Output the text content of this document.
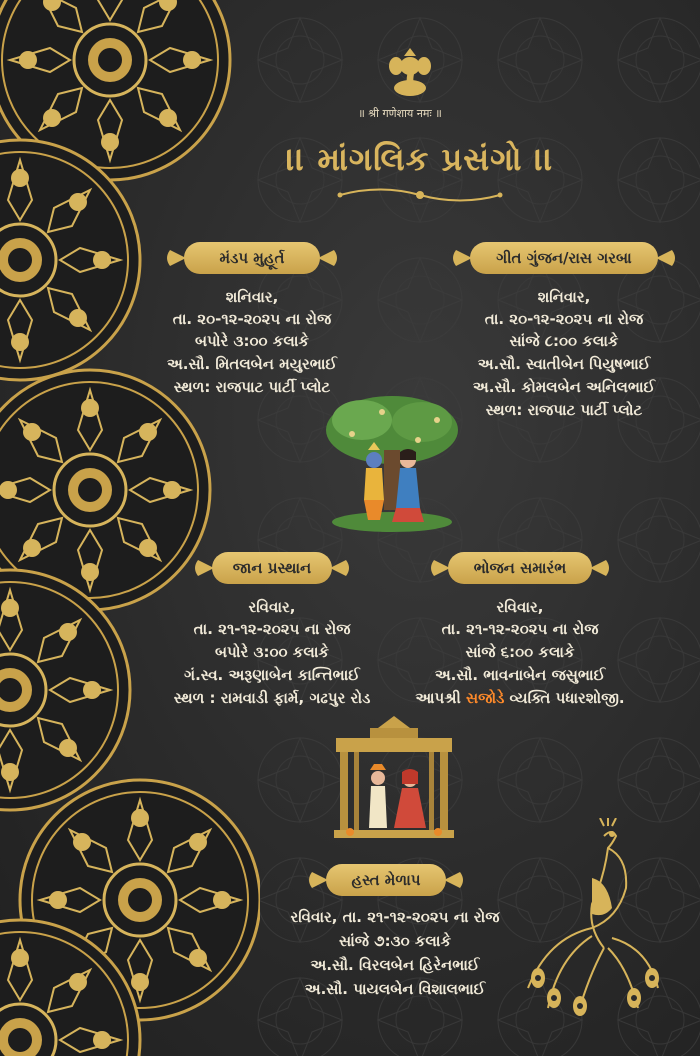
॥ श्री गणेशाय नमः ॥
।। માંગલિક પ્રસંગો ।।
મંડપ મુહૂર્ત
શનિવાર,
તા. ૨૦-૧૨-૨૦૨૫ ના રોજ
બપોરે ૩:૦૦ કલાકે
અ.સૌ. મિતલબેન મયુરભાઈ
સ્થળ: રાજપાટ પાર્ટી પ્લોટ
ગીત ગુંજન/રાસ ગરબા
શનિવાર,
તા. ૨૦-૧૨-૨૦૨૫ ના રોજ
સાંજે ૮:૦૦ કલાકે
અ.સૌ. સ્વાતીબેન પિયુષભાઈ
અ.સૌ. કોમલબેન અનિલભાઈ
સ્થળ: રાજપાટ પાર્ટી પ્લોટ
જાન પ્રસ્થાન
રવિવાર,
તા. ૨૧-૧૨-૨૦૨૫ ના રોજ
બપોરે ૩:૦૦ કલાકે
ગં.સ્વ. અરૂણાબેન કાન્તિભાઈ
સ્થળ : રામવાડી ફાર્મ, ગઢપુર રોડ
ભોજન સમારંભ
રવિવાર,
તા. ૨૧-૧૨-૨૦૨૫ ના રોજ
સાંજે ૬:૦૦ કલાકે
અ.સૌ. ભાવનાબેન જસુભાઈ
આપશ્રી સજોડે વ્યક્તિ પધારશોજી.
હસ્ત મેળાપ
રવિવાર, તા. ૨૧-૧૨-૨૦૨૫ ના રોજ
સાંજે ૭:૩૦ કલાકે
અ.સૌ. વિરલબેન હિરેનભાઈ
અ.સૌ. પાયલબેન વિશાલભાઈ
